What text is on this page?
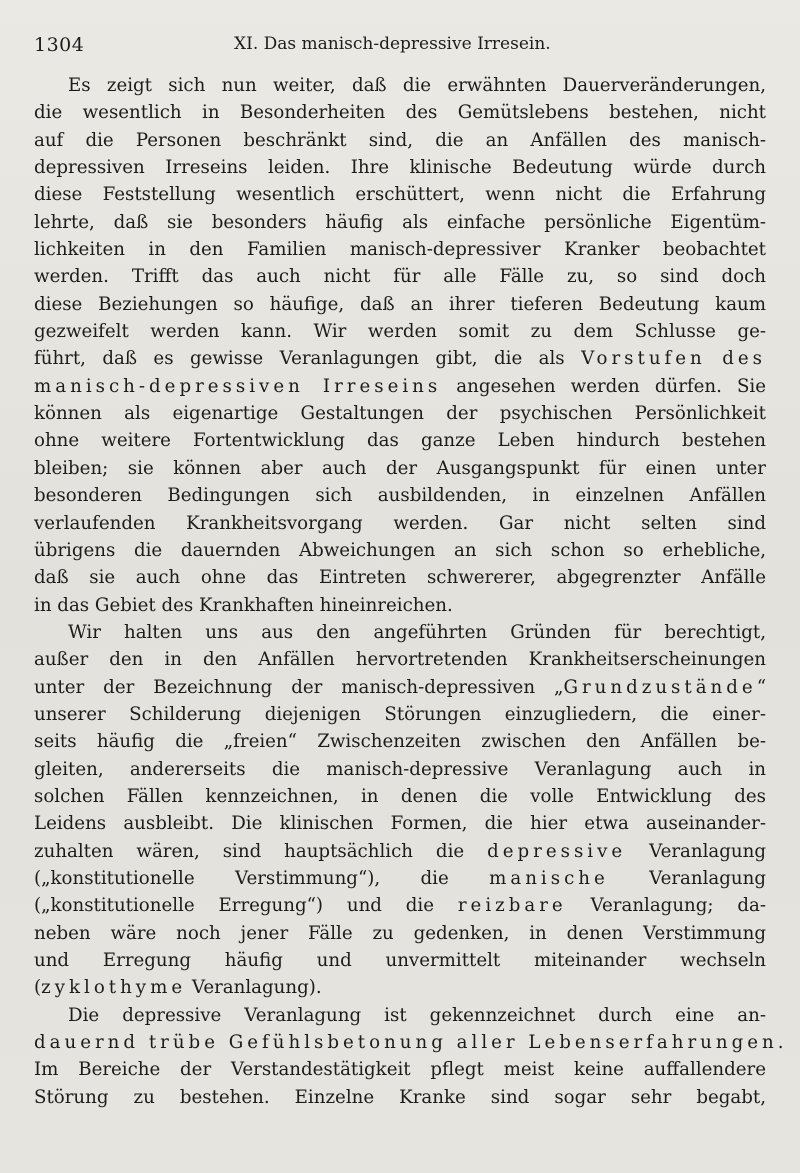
1304	XI. Das manisch-depressive Irresein.

Es zeigt sich nun weiter, daß die erwähnten Dauerveränderungen,
die wesentlich in Besonderheiten des Gemütslebens bestehen, nicht
auf die Personen beschränkt sind, die an Anfällen des manisch-
depressiven Irreseins leiden. Ihre klinische Bedeutung würde durch
diese Feststellung wesentlich erschüttert, wenn nicht die Erfahrung
lehrte, daß sie besonders häufig als einfache persönliche Eigentüm-
lichkeiten in den Familien manisch-depressiver Kranker beobachtet
werden. Trifft das auch nicht für alle Fälle zu, so sind doch
diese Beziehungen so häufige, daß an ihrer tieferen Bedeutung kaum
gezweifelt werden kann. Wir werden somit zu dem Schlusse ge-
führt, daß es gewisse Veranlagungen gibt, die als Vorstufen des
manisch-depressiven Irreseins angesehen werden dürfen. Sie
können als eigenartige Gestaltungen der psychischen Persönlichkeit
ohne weitere Fortentwicklung das ganze Leben hindurch bestehen
bleiben; sie können aber auch der Ausgangspunkt für einen unter
besonderen Bedingungen sich ausbildenden, in einzelnen Anfällen
verlaufenden Krankheitsvorgang werden. Gar nicht selten sind
übrigens die dauernden Abweichungen an sich schon so erhebliche,
daß sie auch ohne das Eintreten schwererer, abgegrenzter Anfälle
in das Gebiet des Krankhaften hineinreichen.

Wir halten uns aus den angeführten Gründen für berechtigt,
außer den in den Anfällen hervortretenden Krankheitserscheinungen
unter der Bezeichnung der manisch-depressiven „Grundzustände“
unserer Schilderung diejenigen Störungen einzugliedern, die einer-
seits häufig die „freien“ Zwischenzeiten zwischen den Anfällen be-
gleiten, andererseits die manisch-depressive Veranlagung auch in
solchen Fällen kennzeichnen, in denen die volle Entwicklung des
Leidens ausbleibt. Die klinischen Formen, die hier etwa auseinander-
zuhalten wären, sind hauptsächlich die depressive Veranlagung
(„konstitutionelle Verstimmung“), die manische Veranlagung
(„konstitutionelle Erregung“) und die reizbare Veranlagung; da-
neben wäre noch jener Fälle zu gedenken, in denen Verstimmung
und Erregung häufig und unvermittelt miteinander wechseln
(zyklothyme Veranlagung).

Die depressive Veranlagung ist gekennzeichnet durch eine an-
dauernd trübe Gefühlsbetonung aller Lebenserfahrungen.
Im Bereiche der Verstandestätigkeit pflegt meist keine auffallendere
Störung zu bestehen. Einzelne Kranke sind sogar sehr begabt,
